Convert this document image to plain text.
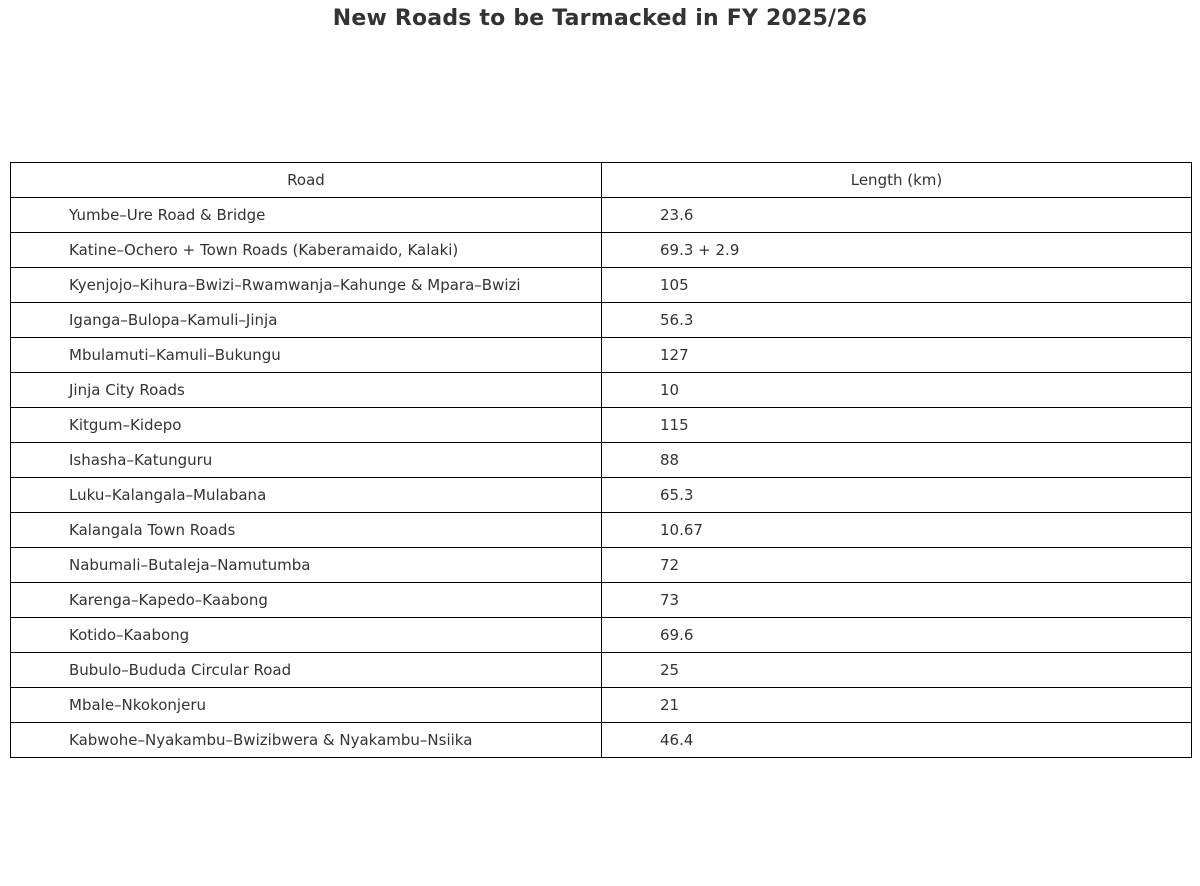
New Roads to be Tarmacked in FY 2025/26
Road	Length (km)
Yumbe–Ure Road & Bridge	23.6
Katine–Ochero + Town Roads (Kaberamaido, Kalaki)	69.3 + 2.9
Kyenjojo–Kihura–Bwizi–Rwamwanja–Kahunge & Mpara–Bwizi	105
Iganga–Bulopa–Kamuli–Jinja	56.3
Mbulamuti–Kamuli–Bukungu	127
Jinja City Roads	10
Kitgum–Kidepo	115
Ishasha–Katunguru	88
Luku–Kalangala–Mulabana	65.3
Kalangala Town Roads	10.67
Nabumali–Butaleja–Namutumba	72
Karenga–Kapedo–Kaabong	73
Kotido–Kaabong	69.6
Bubulo–Bududa Circular Road	25
Mbale–Nkokonjeru	21
Kabwohe–Nyakambu–Bwizibwera & Nyakambu–Nsiika	46.4
